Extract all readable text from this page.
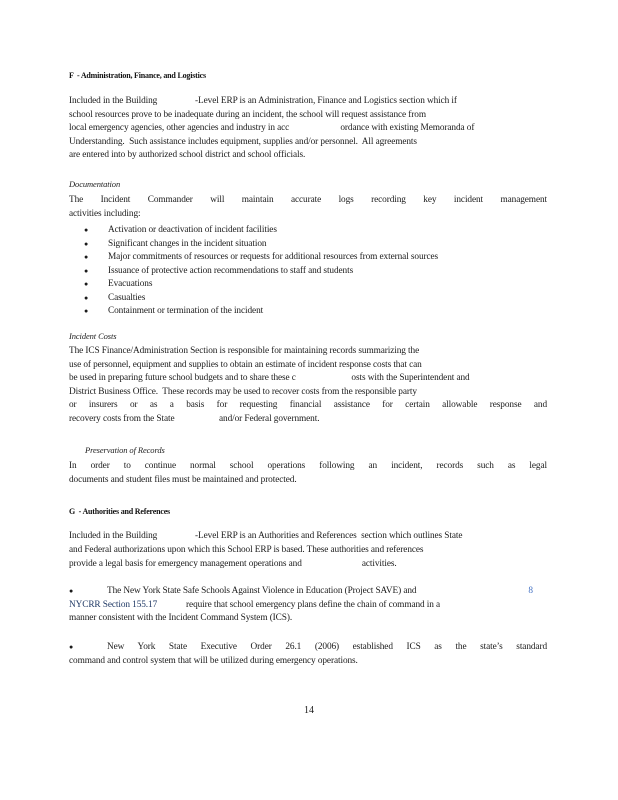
F  - Administration, Finance, and Logistics
Included in the Building                 -Level ERP is an Administration, Finance and Logistics section which if
school resources prove to be inadequate during an incident, the school will request assistance from
local emergency agencies, other agencies and industry in acc                       ordance with existing Memoranda of
Understanding.  Such assistance includes equipment, supplies and/or personnel.  All agreements
are entered into by authorized school district and school officials.
Documentation
The Incident Commander will maintain accurate logs recording key incident management
activities including:
●	Activation or deactivation of incident facilities
●	Significant changes in the incident situation
●	Major commitments of resources or requests for additional resources from external sources
●	Issuance of protective action recommendations to staff and students
●	Evacuations
●	Casualties
●	Containment or termination of the incident
Incident Costs
The ICS Finance/Administration Section is responsible for maintaining records summarizing the
use of personnel, equipment and supplies to obtain an estimate of incident response costs that can
be used in preparing future school budgets and to share these c                         osts with the Superintendent and
District Business Office.  These records may be used to recover costs from the responsible party
or insurers or as a basis for requesting financial assistance for certain allowable response and
recovery costs from the State                    and/or Federal government.
Preservation of Records
In order to continue normal school operations following an incident, records such as legal
documents and student files must be maintained and protected.
G  - Authorities and References
Included in the Building                 -Level ERP is an Authorities and References  section which outlines State
and Federal authorizations upon which this School ERP is based. These authorities and references
provide a legal basis for emergency management operations and                           activities.
●	The New York State Safe Schools Against Violence in Education (Project SAVE) and	8
NYCRR Section 155.17             require that school emergency plans define the chain of command in a
manner consistent with the Incident Command System (ICS).
●	New York State Executive Order 26.1 (2006) established ICS as the state’s standard
command and control system that will be utilized during emergency operations.
14
